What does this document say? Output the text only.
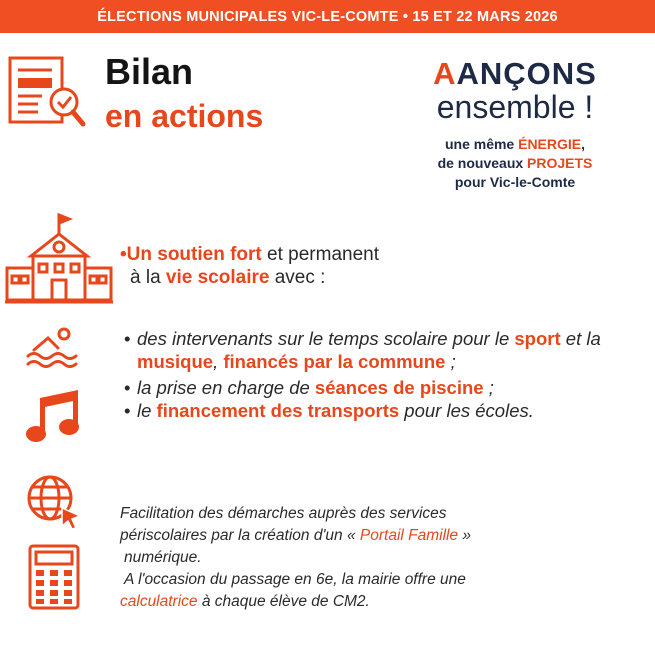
ÉLECTIONS MUNICIPALES VIC-LE-COMTE • 15 ET 22 MARS 2026
Bilan
en actions
AANÇONS
ensemble !
une même ÉNERGIE,
de nouveaux PROJETS
pour Vic-le-Comte
•Un soutien fort et permanent
à la vie scolaire avec :
• des intervenants sur le temps scolaire pour le sport et la musique, financés par la commune ;
• la prise en charge de séances de piscine ;
• le financement des transports pour les écoles.
Facilitation des démarches auprès des services
périscolaires par la création d'un « Portail Famille »
numérique.
A l'occasion du passage en 6e, la mairie offre une
calculatrice à chaque élève de CM2.
